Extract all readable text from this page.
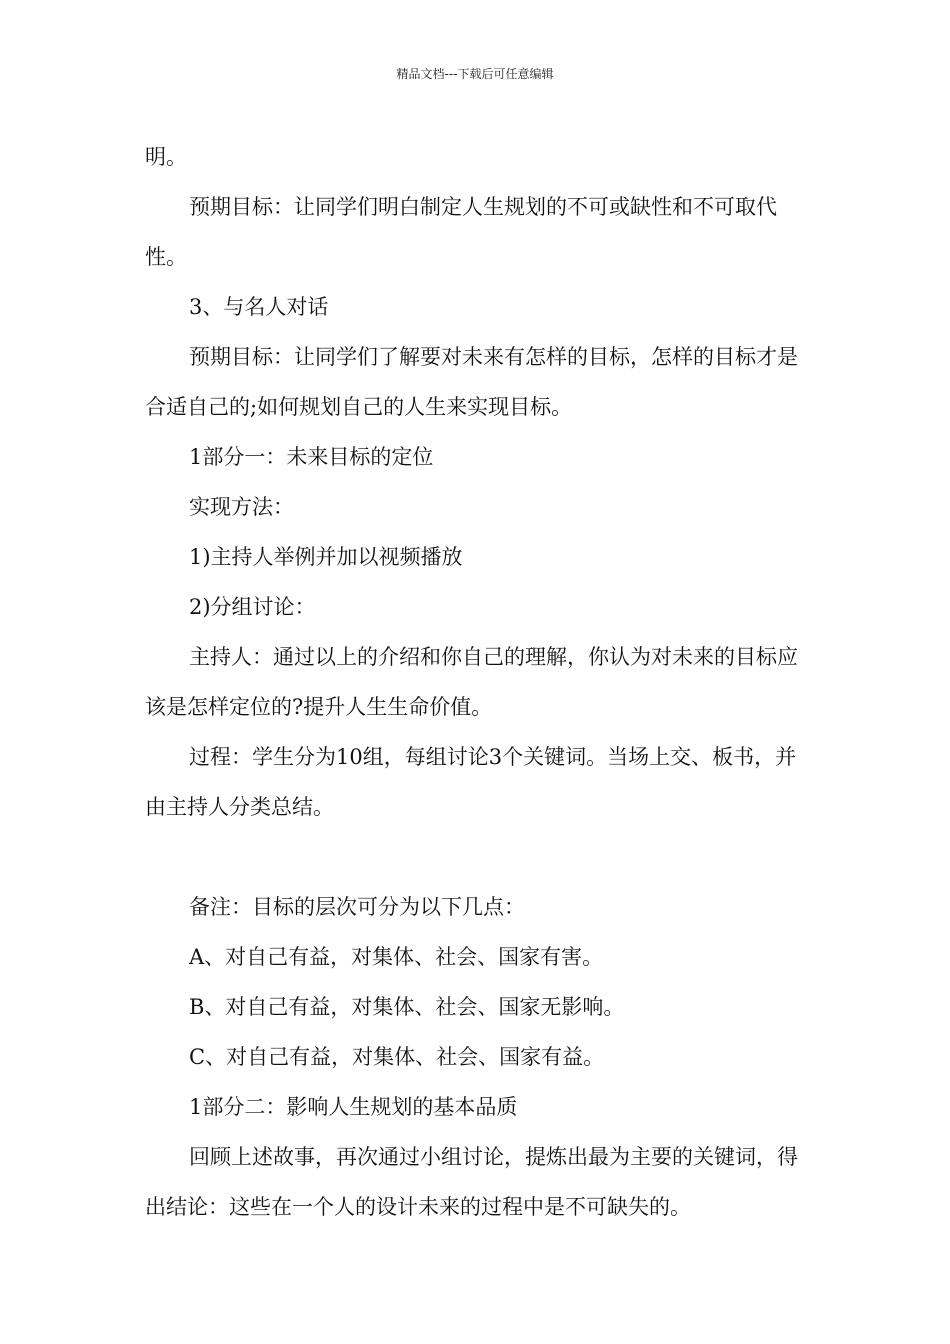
精品文档---下载后可任意编辑

明。

预期目标：让同学们明白制定人生规划的不可或缺性和不可取代性。

3、与名人对话

预期目标：让同学们了解要对未来有怎样的目标，怎样的目标才是合适自己的;如何规划自己的人生来实现目标。

1部分一：未来目标的定位

实现方法：

1)主持人举例并加以视频播放

2)分组讨论：

主持人：通过以上的介绍和你自己的理解，你认为对未来的目标应该是怎样定位的?提升人生生命价值。

过程：学生分为10组，每组讨论3个关键词。当场上交、板书，并由主持人分类总结。

备注：目标的层次可分为以下几点：

A、对自己有益，对集体、社会、国家有害。

B、对自己有益，对集体、社会、国家无影响。

C、对自己有益，对集体、社会、国家有益。

1部分二：影响人生规划的基本品质

回顾上述故事，再次通过小组讨论，提炼出最为主要的关键词，得出结论：这些在一个人的设计未来的过程中是不可缺失的。
